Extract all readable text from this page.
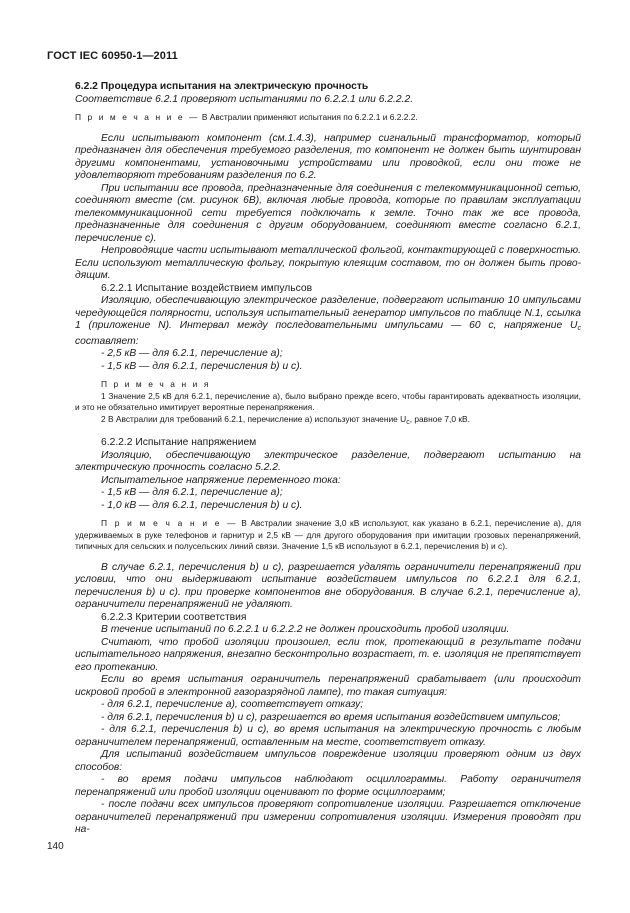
ГОСТ IEC 60950-1—2011

6.2.2 Процедура испытания на электрическую прочность

Соответствие 6.2.1 проверяют испытаниями по 6.2.2.1 или 6.2.2.2.

П р и м е ч а н и е — В Австралии применяют испытания по 6.2.2.1 и 6.2.2.2.

Если испытывают компонент (см.1.4.3), например сигнальный трансформатор, который предназначен для обеспечения требуемого разделения, то компонент не должен быть шунтирован другими компонентами, установочными устройствами или проводкой, если они тоже не удовлетворяют требованиям разделения по 6.2.

При испытании все провода, предназначенные для соединения с телекоммуникационной сетью, соединяют вместе (см. рисунок 6B), включая любые провода, которые по правилам эксплуатации телекоммуникационной сети требуется подключать к земле. Точно так же все провода, предназначенные для соединения с другим оборудованием, соединяют вместе согласно 6.2.1, перечисление с).

Непроводящие части испытывают металлической фольгой, контактирующей с поверхностью. Если используют металлическую фольгу, покрытую клеящим составом, то он должен быть проводящим.

6.2.2.1 Испытание воздействием импульсов

Изоляцию, обеспечивающую электрическое разделение, подвергают испытанию 10 импульсами чередующейся полярности, используя испытательный генератор импульсов по таблице N.1, ссылка 1 (приложение N). Интервал между последовательными импульсами — 60 с, напряжение $U_c$ составляет:

- 2,5 кВ — для 6.2.1, перечисление а);

- 1,5 кВ — для 6.2.1, перечисления b) и с).

П р и м е ч а н и я

1 Значение 2,5 кВ для 6.2.1, перечисление а), было выбрано прежде всего, чтобы гарантировать адекватность изоляции, и это не обязательно имитирует вероятные перенапряжения.

2 В Австралии для требований 6.2.1, перечисление а) используют значение $U_c$, равное 7,0 кВ.

6.2.2.2 Испытание напряжением

Изоляцию, обеспечивающую электрическое разделение, подвергают испытанию на электрическую прочность согласно 5.2.2.

Испытательное напряжение переменного тока:

- 1,5 кВ — для 6.2.1, перечисление а);

- 1,0 кВ — для 6.2.1, перечисления b) и с).

П р и м е ч а н и е — В Австралии значение 3,0 кВ используют, как указано в 6.2.1, перечисление а), для удерживаемых в руке телефонов и гарнитур и 2,5 кВ — для другого оборудования при имитации грозовых перенапряжений, типичных для сельских и полусельских линий связи. Значение 1,5 кВ используют в 6.2.1, перечисления b) и с).

В случае 6.2.1, перечисления b) и с), разрешается удалять ограничители перенапряжений при условии, что они выдерживают испытание воздействием импульсов по 6.2.2.1 для 6.2.1, перечисления b) и с). при проверке компонентов вне оборудования. В случае 6.2.1, перечисление а), ограничители перенапряжений не удаляют.

6.2.2.3 Критерии соответствия

В течение испытаний по 6.2.2.1 и 6.2.2.2 не должен происходить пробой изоляции.

Считают, что пробой изоляции произошел, если ток, протекающий в результате подачи испытательного напряжения, внезапно бесконтрольно возрастает, т. е. изоляция не препятствует его протеканию.

Если во время испытания ограничитель перенапряжений срабатывает (или происходит искровой пробой в электронной газоразрядной лампе), то такая ситуация:

- для 6.2.1, перечисление а), соответствует отказу;

- для 6.2.1, перечисления b) и с), разрешается во время испытания воздействием импульсов;

- для 6.2.1, перечисления b) и с), во время испытания на электрическую прочность с любым ограничителем перенапряжений, оставленным на месте, соответствует отказу.

Для испытаний воздействием импульсов повреждение изоляции проверяют одним из двух способов:

- во время подачи импульсов наблюдают осциллограммы. Работу ограничителя перенапряжений или пробой изоляции оценивают по форме осциллограмм;

- после подачи всех импульсов проверяют сопротивление изоляции. Разрешается отключение ограничителей перенапряжений при измерении сопротивления изоляции. Измерения проводят при на-

140
